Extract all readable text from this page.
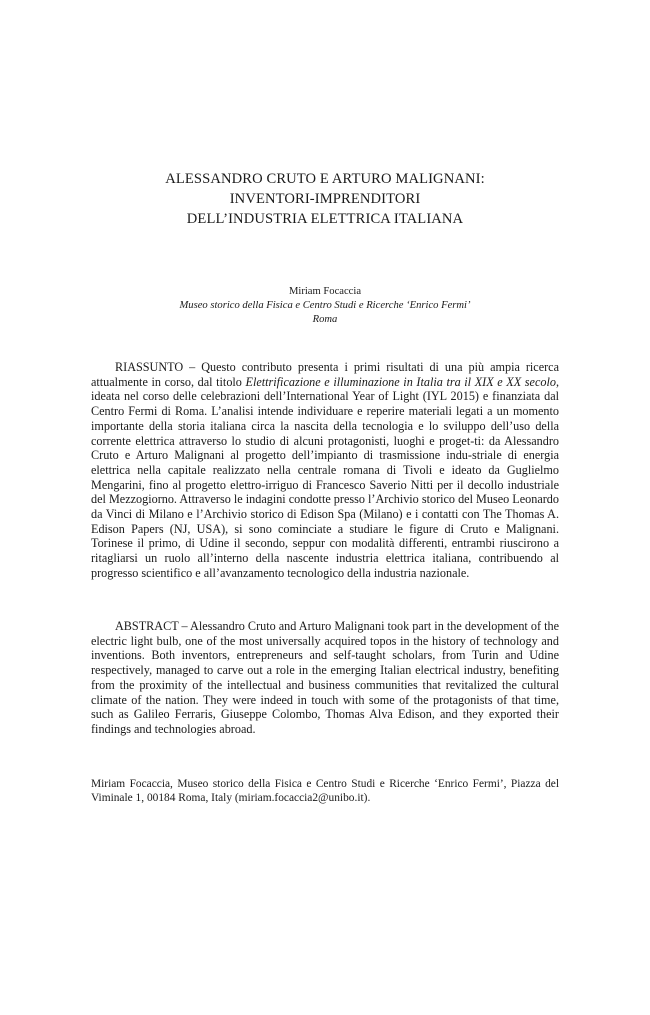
ALESSANDRO CRUTO E ARTURO MALIGNANI:
INVENTORI-IMPRENDITORI
DELL’INDUSTRIA ELETTRICA ITALIANA
Miriam Focaccia
Museo storico della Fisica e Centro Studi e Ricerche ‘Enrico Fermi’
Roma
RIASSUNTO – Questo contributo presenta i primi risultati di una più ampia ricerca attualmente in corso, dal titolo Elettrificazione e illuminazione in Italia tra il XIX e XX secolo, ideata nel corso delle celebrazioni dell’International Year of Light (IYL 2015) e finanziata dal Centro Fermi di Roma. L’analisi intende individuare e reperire materiali legati a un momento importante della storia italiana circa la nascita della tecnologia e lo sviluppo dell’uso della corrente elettrica attraverso lo studio di alcuni protagonisti, luoghi e proget-ti: da Alessandro Cruto e Arturo Malignani al progetto dell’impianto di trasmissione indu-striale di energia elettrica nella capitale realizzato nella centrale romana di Tivoli e ideato da Guglielmo Mengarini, fino al progetto elettro-irriguo di Francesco Saverio Nitti per il decollo industriale del Mezzogiorno. Attraverso le indagini condotte presso l’Archivio storico del Museo Leonardo da Vinci di Milano e l’Archivio storico di Edison Spa (Milano) e i contatti con The Thomas A. Edison Papers (NJ, USA), si sono cominciate a studiare le figure di Cruto e Malignani. Torinese il primo, di Udine il secondo, seppur con modalità differenti, entrambi riuscirono a ritagliarsi un ruolo all’interno della nascente industria elettrica italiana, contribuendo al progresso scientifico e all’avanzamento tecnologico della industria nazionale.
ABSTRACT – Alessandro Cruto and Arturo Malignani took part in the development of the electric light bulb, one of the most universally acquired topos in the history of technology and inventions. Both inventors, entrepreneurs and self-taught scholars, from Turin and Udine respectively, managed to carve out a role in the emerging Italian electrical industry, benefiting from the proximity of the intellectual and business communities that revitalized the cultural climate of the nation. They were indeed in touch with some of the protagonists of that time, such as Galileo Ferraris, Giuseppe Colombo, Thomas Alva Edison, and they exported their findings and technologies abroad.
Miriam Focaccia, Museo storico della Fisica e Centro Studi e Ricerche ‘Enrico Fermi’, Piazza del Viminale 1, 00184 Roma, Italy (miriam.focaccia2@unibo.it).
